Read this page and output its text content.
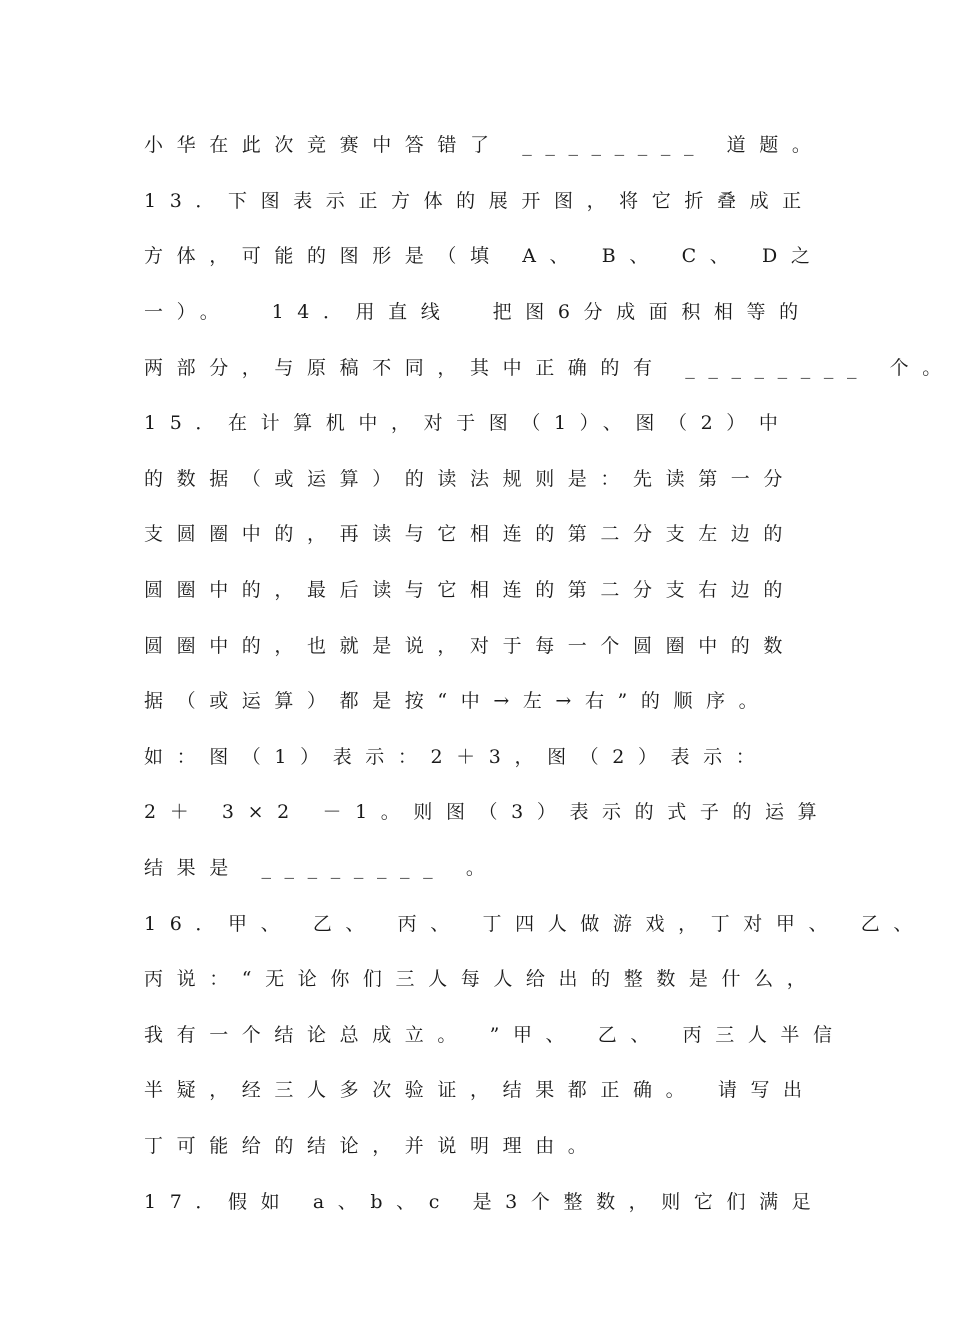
小华在此次竞赛中答错了 ________ 道题。
13．下图表示正方体的展开图，将它折叠成正
方体，可能的图形是（填 A、 B、 C、 D之
一）。  14．用直线  把图6分成面积相等的
两部分，与原稿不同，其中正确的有 ________ 个。
15．在计算机中，对于图（1）、图（2）中
的数据（或运算）的读法规则是：先读第一分
支圆圈中的，再读与它相连的第二分支左边的
圆圈中的，最后读与它相连的第二分支右边的
圆圈中的，也就是说，对于每一个圆圈中的数
据（或运算）都是按“中→左→右”的顺序。
如：图（1）表示：2＋3，图（2）表示：
2＋ 3×2 －1。则图（3）表示的式子的运算
结果是 ________ 。
16．甲、 乙、 丙、 丁四人做游戏，丁对甲、 乙、
丙说：“无论你们三人每人给出的整数是什么，
我有一个结论总成立。 ”甲、 乙、 丙三人半信
半疑，经三人多次验证，结果都正确。 请写出
丁可能给的结论，并说明理由。
17．假如 a、b、c 是3个整数，则它们满足
